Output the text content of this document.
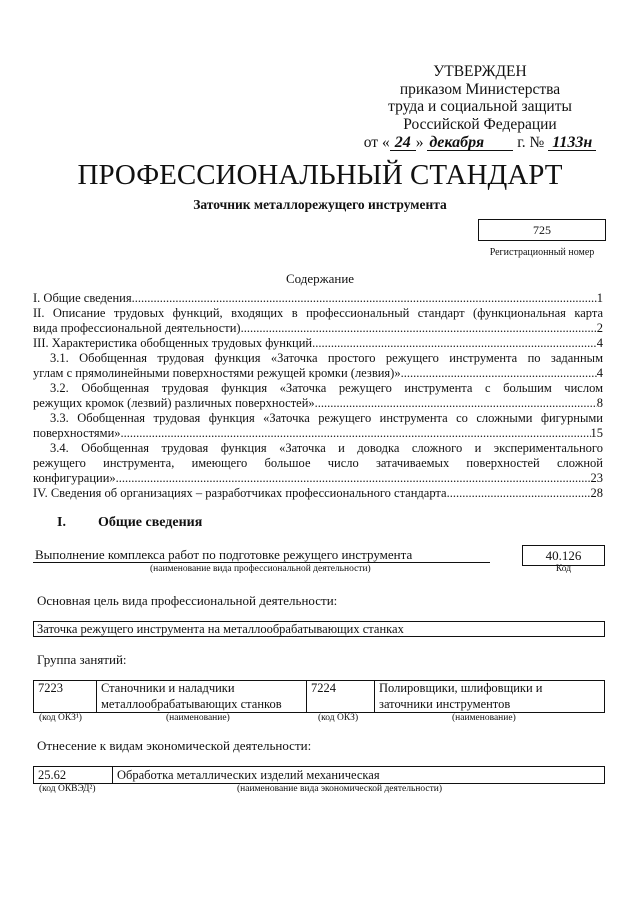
УТВЕРЖДЕН
приказом Министерства
труда и социальной защиты
Российской Федерации
от « 24 » декабря г. № 1133н
ПРОФЕССИОНАЛЬНЫЙ СТАНДАРТ
Заточник металлорежущего инструмента
725
Регистрационный номер
Содержание
I. Общие сведения .....	1
II. Описание трудовых функций, входящих в профессиональный стандарт (функциональная карта
вида профессиональной деятельности) .....	2
III. Характеристика обобщенных трудовых функций .....	4
3.1. Обобщенная трудовая функция «Заточка простого режущего инструмента по заданным
углам с прямолинейными поверхностями режущей кромки (лезвия)» .....	4
3.2. Обобщенная трудовая функция «Заточка режущего инструмента с большим числом
режущих кромок (лезвий) различных поверхностей» .....	8
3.3. Обобщенная трудовая функция «Заточка режущего инструмента со сложными фигурными
поверхностями» .....	15
3.4. Обобщенная трудовая функция «Заточка и доводка сложного и экспериментального
режущего инструмента, имеющего большое число затачиваемых поверхностей сложной
конфигурации» .....	23
IV. Сведения об организациях – разработчиках профессионального стандарта .....	28
I. Общие сведения
Выполнение комплекса работ по подготовке режущего инструмента	40.126
(наименование вида профессиональной деятельности)	Код
Основная цель вида профессиональной деятельности:
Заточка режущего инструмента на металлообрабатывающих станках
Группа занятий:
7223	Станочники и наладчики
металлообрабатывающих станков
7224	Полировщики, шлифовщики и
заточники инструментов
(код ОКЗ¹)	(наименование)	(код ОКЗ)	(наименование)
Отнесение к видам экономической деятельности:
25.62	Обработка металлических изделий механическая
(код ОКВЭД²)	(наименование вида экономической деятельности)
